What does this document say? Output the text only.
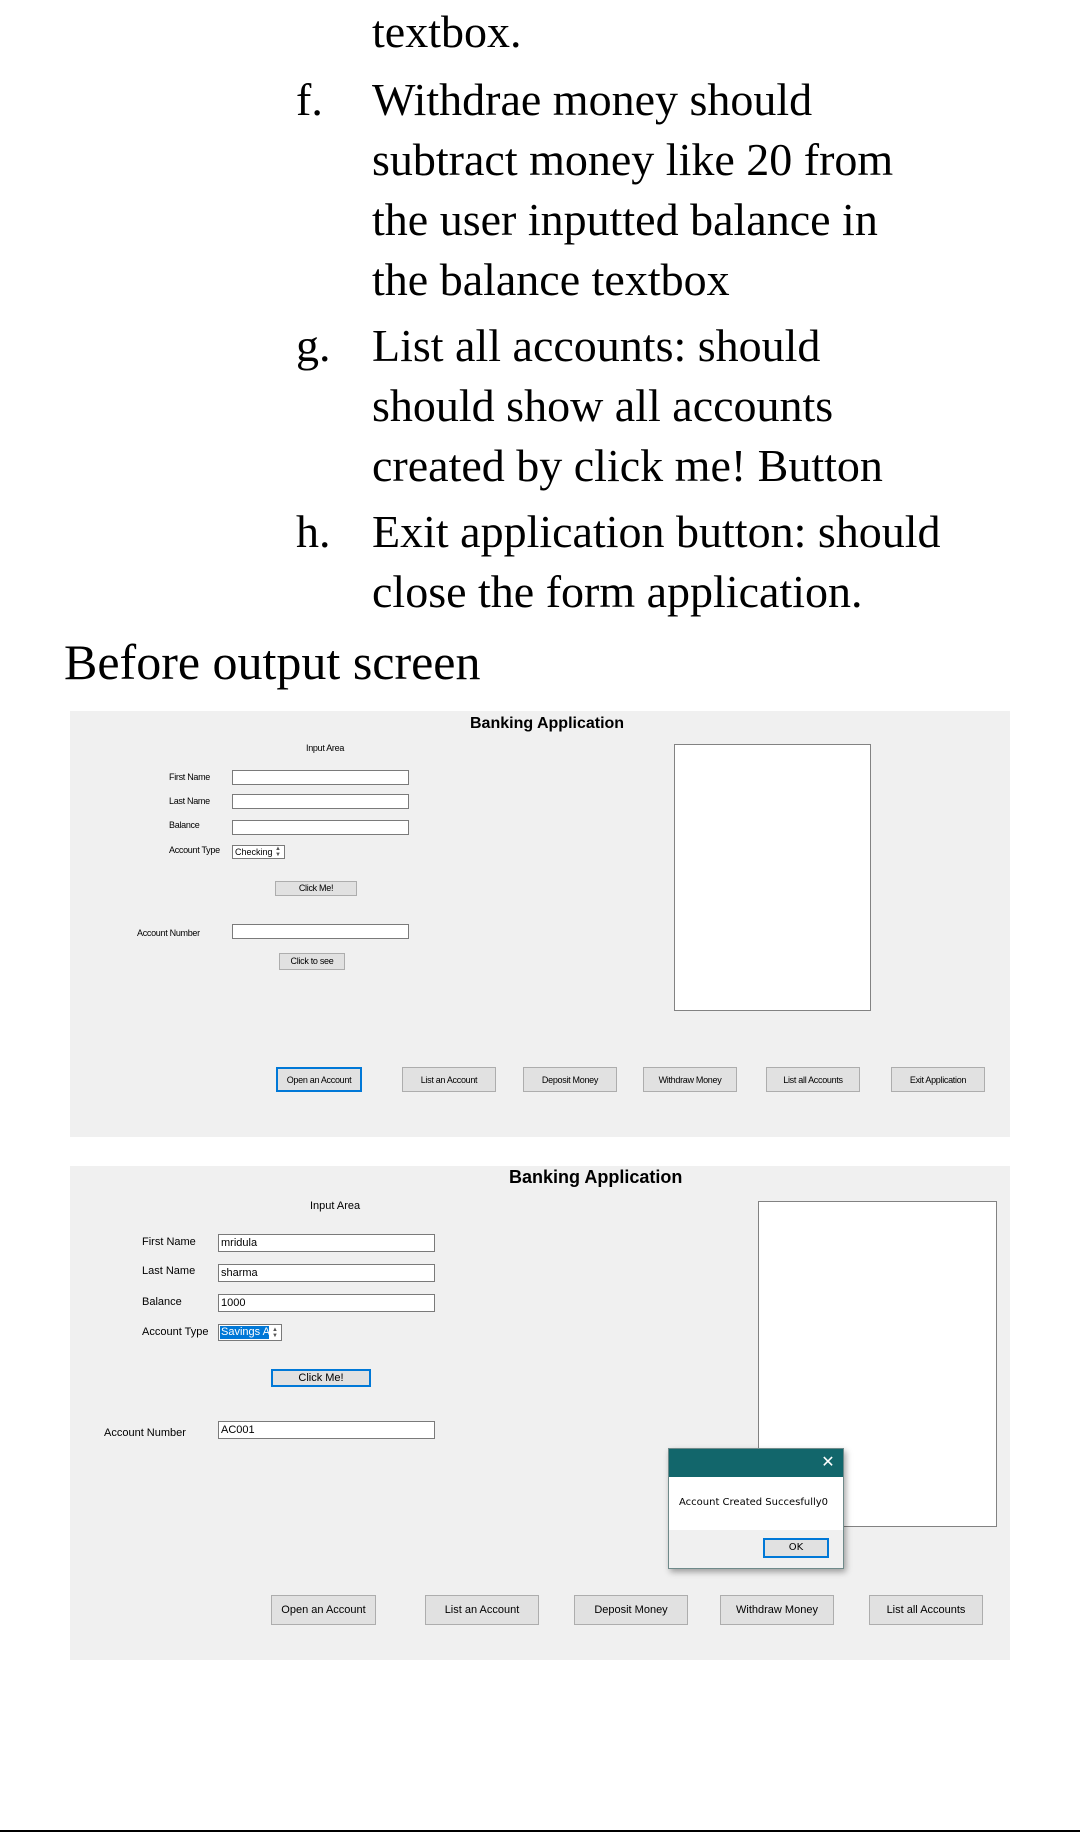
textbox.
f. Withdrae money should
subtract money like 20 from
the user inputted balance in
the balance textbox
g. List all accounts: should
should show all accounts
created by click me! Button
h. Exit application button: should
close the form application.
Before output screen
Banking Application
Input Area
First Name
Last Name
Balance
Account Type Checking ▲
▼
Click Me!
Account Number
Click to see
Open an Account	List an Account	Deposit Money	Withdraw Money	List all Accounts	Exit Application
Banking Application
Input Area
First Name mridula
Last Name sharma
Balance	1000
Account Type Savings A ▲
▼
Click Me!
Account Number	AC001
✕
Account Created Succesfully0
OK
Open an Account	List an Account	Deposit Money	Withdraw Money	List all Accounts
